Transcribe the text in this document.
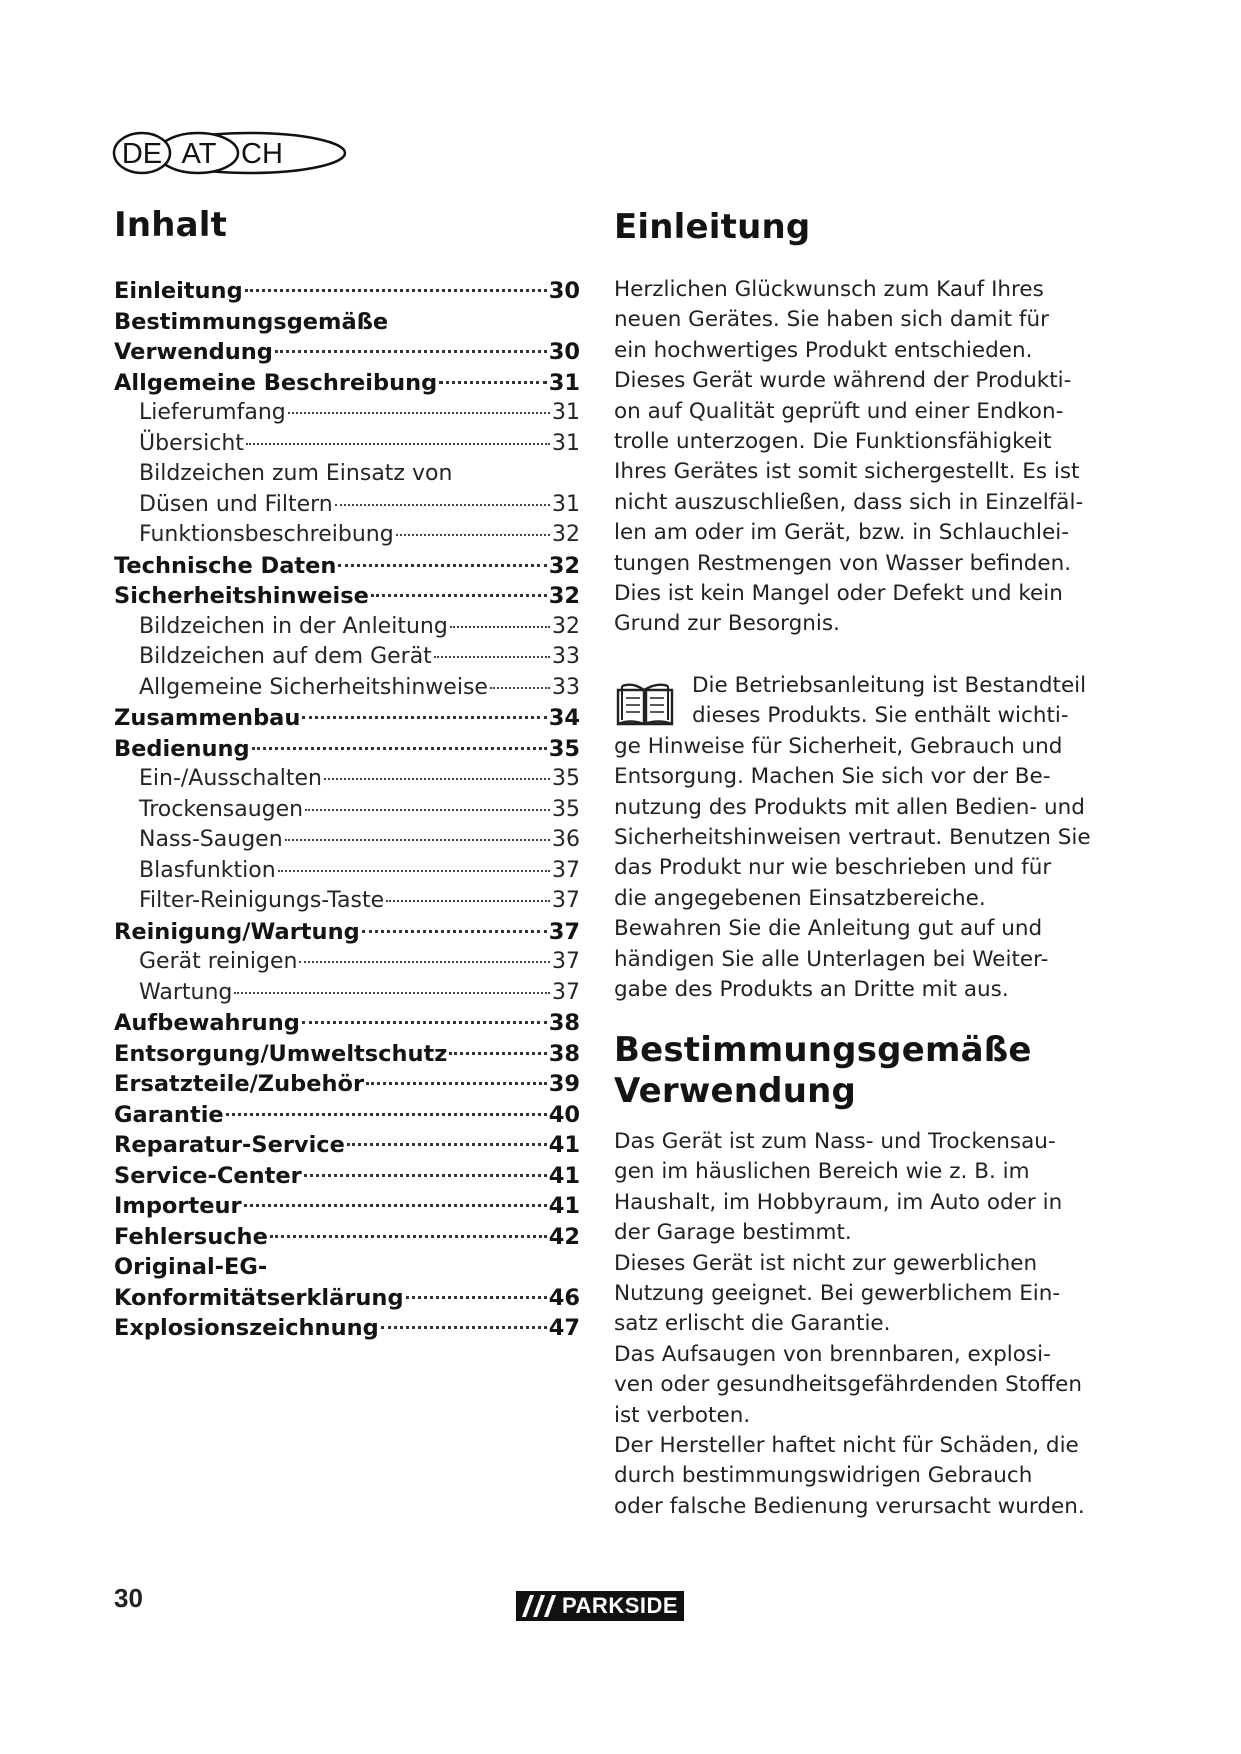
DE AT CH
Inhalt
Einleitung	30
Bestimmungsgemäße
Verwendung	30
Allgemeine Beschreibung	31
Lieferumfang	31
Übersicht	31
Bildzeichen zum Einsatz von
Düsen und Filtern	31
Funktionsbeschreibung	32
Technische Daten	32
Sicherheitshinweise	32
Bildzeichen in der Anleitung	32
Bildzeichen auf dem Gerät	33
Allgemeine Sicherheitshinweise	33
Zusammenbau	34
Bedienung	35
Ein-/Ausschalten	35
Trockensaugen	35
Nass-Saugen	36
Blasfunktion	37
Filter-Reinigungs-Taste	37
Reinigung/Wartung	37
Gerät reinigen	37
Wartung	37
Aufbewahrung	38
Entsorgung/Umweltschutz	38
Ersatzteile/Zubehör	39
Garantie	40
Reparatur-Service	41
Service-Center	41
Importeur	41
Fehlersuche	42
Original-EG-
Konformitätserklärung	46
Explosionszeichnung	47
Einleitung

Herzlichen Glückwunsch zum Kauf Ihres
neuen Gerätes. Sie haben sich damit für
ein hochwertiges Produkt entschieden.
Dieses Gerät wurde während der Produkti-
on auf Qualität geprüft und einer Endkon-
trolle unterzogen. Die Funktionsfähigkeit
Ihres Gerätes ist somit sichergestellt. Es ist
nicht auszuschließen, dass sich in Einzelfäl-
len am oder im Gerät, bzw. in Schlauchlei-
tungen Restmengen von Wasser befinden.
Dies ist kein Mangel oder Defekt und kein
Grund zur Besorgnis.

Die Betriebsanleitung ist Bestandteil
dieses Produkts. Sie enthält wichti-
ge Hinweise für Sicherheit, Gebrauch und
Entsorgung. Machen Sie sich vor der Be-
nutzung des Produkts mit allen Bedien- und
Sicherheitshinweisen vertraut. Benutzen Sie
das Produkt nur wie beschrieben und für
die angegebenen Einsatzbereiche.
Bewahren Sie die Anleitung gut auf und
händigen Sie alle Unterlagen bei Weiter-
gabe des Produkts an Dritte mit aus.

Bestimmungsgemäße
Verwendung

Das Gerät ist zum Nass- und Trockensau-
gen im häuslichen Bereich wie z. B. im
Haushalt, im Hobbyraum, im Auto oder in
der Garage bestimmt.
Dieses Gerät ist nicht zur gewerblichen
Nutzung geeignet. Bei gewerblichem Ein-
satz erlischt die Garantie.
Das Aufsaugen von brennbaren, explosi-
ven oder gesundheitsgefährdenden Stoffen
ist verboten.
Der Hersteller haftet nicht für Schäden, die
durch bestimmungswidrigen Gebrauch
oder falsche Bedienung verursacht wurden.

30	PARKSIDE
